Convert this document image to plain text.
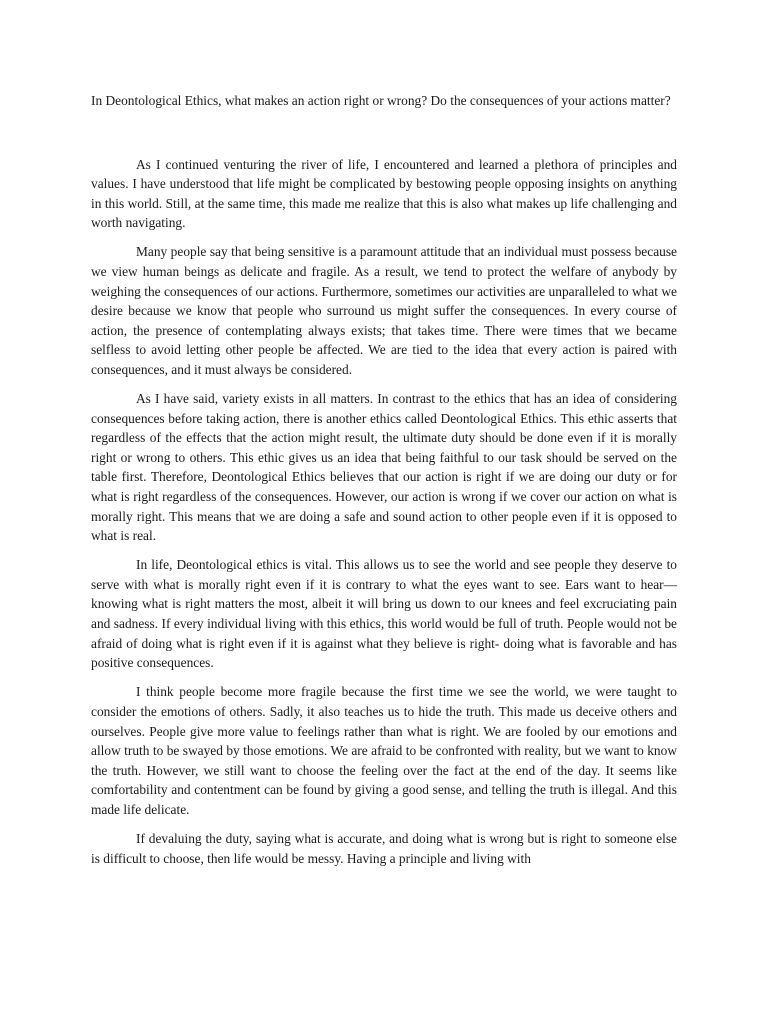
In Deontological Ethics, what makes an action right or wrong? Do the consequences of your actions matter?

As I continued venturing the river of life, I encountered and learned a plethora of principles and values. I have understood that life might be complicated by bestowing people opposing insights on anything in this world. Still, at the same time, this made me realize that this is also what makes up life challenging and worth navigating.

Many people say that being sensitive is a paramount attitude that an individual must possess because we view human beings as delicate and fragile. As a result, we tend to protect the welfare of anybody by weighing the consequences of our actions. Furthermore, sometimes our activities are unparalleled to what we desire because we know that people who surround us might suffer the consequences. In every course of action, the presence of contemplating always exists; that takes time. There were times that we became selfless to avoid letting other people be affected. We are tied to the idea that every action is paired with consequences, and it must always be considered.

As I have said, variety exists in all matters. In contrast to the ethics that has an idea of considering consequences before taking action, there is another ethics called Deontological Ethics. This ethic asserts that regardless of the effects that the action might result, the ultimate duty should be done even if it is morally right or wrong to others. This ethic gives us an idea that being faithful to our task should be served on the table first. Therefore, Deontological Ethics believes that our action is right if we are doing our duty or for what is right regardless of the consequences. However, our action is wrong if we cover our action on what is morally right. This means that we are doing a safe and sound action to other people even if it is opposed to what is real.

In life, Deontological ethics is vital. This allows us to see the world and see people they deserve to serve with what is morally right even if it is contrary to what the eyes want to see. Ears want to hear—knowing what is right matters the most, albeit it will bring us down to our knees and feel excruciating pain and sadness. If every individual living with this ethics, this world would be full of truth. People would not be afraid of doing what is right even if it is against what they believe is right- doing what is favorable and has positive consequences.

I think people become more fragile because the first time we see the world, we were taught to consider the emotions of others. Sadly, it also teaches us to hide the truth. This made us deceive others and ourselves. People give more value to feelings rather than what is right. We are fooled by our emotions and allow truth to be swayed by those emotions. We are afraid to be confronted with reality, but we want to know the truth. However, we still want to choose the feeling over the fact at the end of the day. It seems like comfortability and contentment can be found by giving a good sense, and telling the truth is illegal. And this made life delicate.

If devaluing the duty, saying what is accurate, and doing what is wrong but is right to someone else is difficult to choose, then life would be messy. Having a principle and living with
